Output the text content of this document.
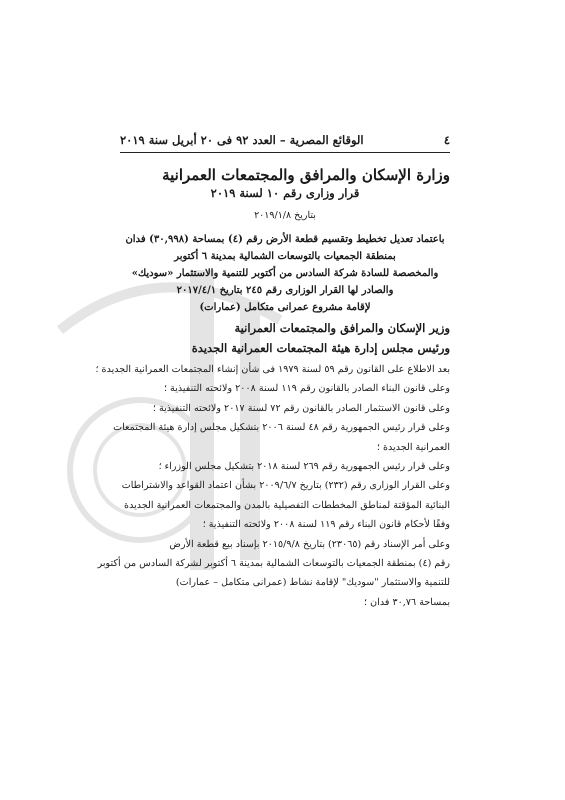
٤
الوقائع المصرية – العدد ٩٢ فى ٢٠ أبريل سنة ٢٠١٩
وزارة الإسكان والمرافق والمجتمعات العمرانية
قرار وزارى رقم ١٠ لسنة ٢٠١٩
بتاريخ ٢٠١٩/١/٨
باعتماد تعديل تخطيط وتقسيم قطعة الأرض رقم (٤) بمساحة (٣٠,٩٩٨) فدان
بمنطقة الجمعيات بالتوسعات الشمالية بمدينة ٦ أكتوبر
والمخصصة للسادة شركة السادس من أكتوبر للتنمية والاستثمار «سوديك»
والصادر لها القرار الوزارى رقم ٢٤٥ بتاريخ ٢٠١٧/٤/١
لإقامة مشروع عمرانى متكامل (عمارات)
وزير الإسكان والمرافق والمجتمعات العمرانية
ورئيس مجلس إدارة هيئة المجتمعات العمرانية الجديدة
بعد الاطلاع على القانون رقم ٥٩ لسنة ١٩٧٩ فى شأن إنشاء المجتمعات العمرانية الجديدة ؛
وعلى قانون البناء الصادر بالقانون رقم ١١٩ لسنة ٢٠٠٨ ولائحته التنفيذية ؛
وعلى قانون الاستثمار الصادر بالقانون رقم ٧٢ لسنة ٢٠١٧ ولائحته التنفيذية ؛
وعلى قرار رئيس الجمهورية رقم ٤٨ لسنة ٢٠٠٦ بتشكيل مجلس إدارة هيئة المجتمعات
العمرانية الجديدة ؛
وعلى قرار رئيس الجمهورية رقم ٢٦٩ لسنة ٢٠١٨ بتشكيل مجلس الوزراء ؛
وعلى القرار الوزارى رقم (٢٣٢) بتاريخ ٢٠٠٩/٦/٧ بشأن اعتماد القواعد والاشتراطات
البنائية المؤقتة لمناطق المخططات التفصيلية بالمدن والمجتمعات العمرانية الجديدة
وفقًا لأحكام قانون البناء رقم ١١٩ لسنة ٢٠٠٨ ولائحته التنفيذية ؛
وعلى أمر الإسناد رقم (٢٣٠٦٥) بتاريخ ٢٠١٥/٩/٨ بإسناد بيع قطعة الأرض
رقم (٤) بمنطقة الجمعيات بالتوسعات الشمالية بمدينة ٦ أكتوبر لشركة السادس من أكتوبر
للتنمية والاستثمار "سوديك" لإقامة نشاط (عمرانى متكامل – عمارات)
بمساحة ٣٠,٧٦ فدان ؛
